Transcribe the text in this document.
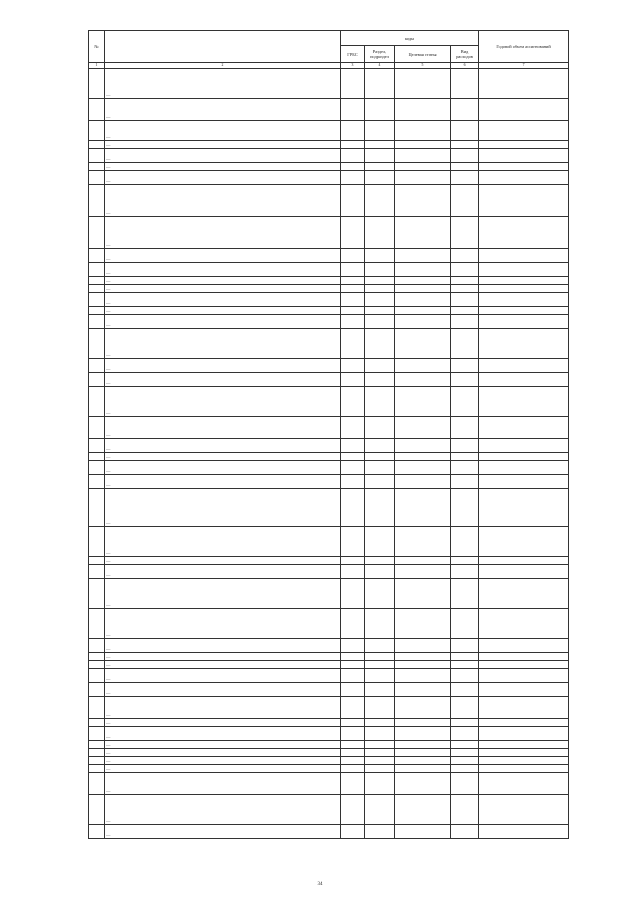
№		коды				Годовой объем ассигнований
		ГРБС	Раздел, подраздел	Целевая статья	Вид расходов	
1	2	3	4	5	6	7
	—					
	—					
	—					
	—					
	—					
	—					
	—					
	—					
	—					
	—					
	—					
	—					
	—					
	—					
	—					
	—					
	—					
	—					
	—					
	—					
	—					
	—					
	—					
	—					
	—					
	—					
	—					
	—					
	—					
	—					
	—					
	—					
	—					
	—					
	—					
	—					
	—					
	—					
	—					
	—					
	—					
	—					
	—					
	—					
	—					
	—					
34
